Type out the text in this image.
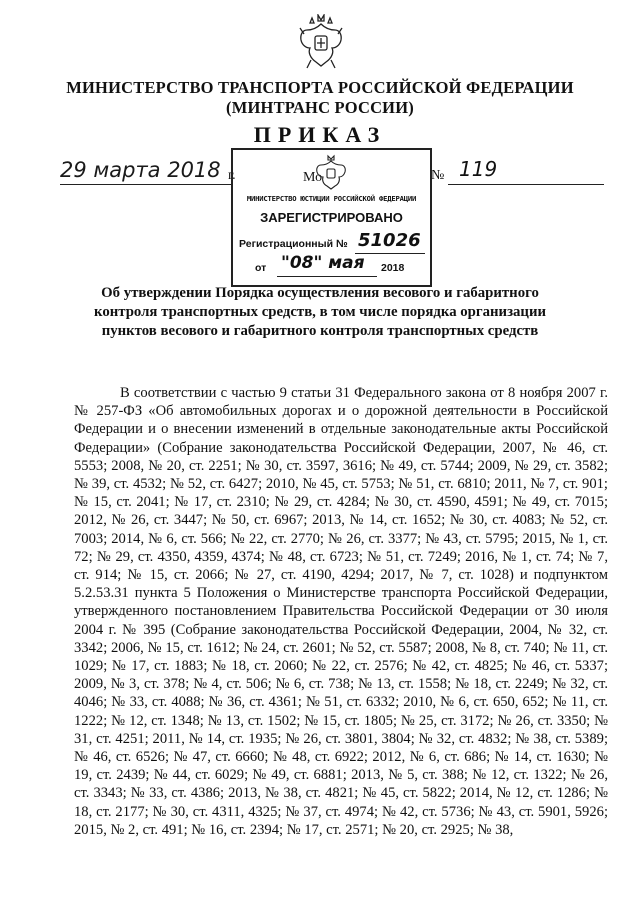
МИНИСТЕРСТВО ТРАНСПОРТА РОССИЙСКОЙ ФЕДЕРАЦИИ
(МИНТРАНС РОССИИ)
ПРИКАЗ
29 марта 2018 г.	Мо	№ 119
МИНИСТЕРСТВО ЮСТИЦИИ РОССИЙСКОЙ ФЕДЕРАЦИИ
ЗАРЕГИСТРИРОВАНО
Регистрационный № 51026
от "08" мая 2018
Об утверждении Порядка осуществления весового и габаритного контроля транспортных средств, в том числе порядка организации пунктов весового и габаритного контроля транспортных средств

В соответствии с частью 9 статьи 31 Федерального закона от 8 ноября 2007 г. № 257-ФЗ «Об автомобильных дорогах и о дорожной деятельности в Российской Федерации и о внесении изменений в отдельные законодательные акты Российской Федерации» (Собрание законодательства Российской Федерации, 2007, № 46, ст. 5553; 2008, № 20, ст. 2251; № 30, ст. 3597, 3616; № 49, ст. 5744; 2009, № 29, ст. 3582; № 39, ст. 4532; № 52, ст. 6427; 2010, № 45, ст. 5753; № 51, ст. 6810; 2011, № 7, ст. 901; № 15, ст. 2041; № 17, ст. 2310; № 29, ст. 4284; № 30, ст. 4590, 4591; № 49, ст. 7015; 2012, № 26, ст. 3447; № 50, ст. 6967; 2013, № 14, ст. 1652; № 30, ст. 4083; № 52, ст. 7003; 2014, № 6, ст. 566; № 22, ст. 2770; № 26, ст. 3377; № 43, ст. 5795; 2015, № 1, ст. 72; № 29, ст. 4350, 4359, 4374; № 48, ст. 6723; № 51, ст. 7249; 2016, № 1, ст. 74; № 7, ст. 914; № 15, ст. 2066; № 27, ст. 4190, 4294; 2017, № 7, ст. 1028) и подпунктом 5.2.53.31 пункта 5 Положения о Министерстве транспорта Российской Федерации, утвержденного постановлением Правительства Российской Федерации от 30 июля 2004 г. № 395 (Собрание законодательства Российской Федерации, 2004, № 32, ст. 3342; 2006, № 15, ст. 1612; № 24, ст. 2601; № 52, ст. 5587; 2008, № 8, ст. 740; № 11, ст. 1029; № 17, ст. 1883; № 18, ст. 2060; № 22, ст. 2576; № 42, ст. 4825; № 46, ст. 5337; 2009, № 3, ст. 378; № 4, ст. 506; № 6, ст. 738; № 13, ст. 1558; № 18, ст. 2249; № 32, ст. 4046; № 33, ст. 4088; № 36, ст. 4361; № 51, ст. 6332; 2010, № 6, ст. 650, 652; № 11, ст. 1222; № 12, ст. 1348; № 13, ст. 1502; № 15, ст. 1805; № 25, ст. 3172; № 26, ст. 3350; № 31, ст. 4251; 2011, № 14, ст. 1935; № 26, ст. 3801, 3804; № 32, ст. 4832; № 38, ст. 5389; № 46, ст. 6526; № 47, ст. 6660; № 48, ст. 6922; 2012, № 6, ст. 686; № 14, ст. 1630; № 19, ст. 2439; № 44, ст. 6029; № 49, ст. 6881; 2013, № 5, ст. 388; № 12, ст. 1322; № 26, ст. 3343; № 33, ст. 4386; 2013, № 38, ст. 4821; № 45, ст. 5822; 2014, № 12, ст. 1286; № 18, ст. 2177; № 30, ст. 4311, 4325; № 37, ст. 4974; № 42, ст. 5736; № 43, ст. 5901, 5926; 2015, № 2, ст. 491; № 16, ст. 2394; № 17, ст. 2571; № 20, ст. 2925; № 38,
